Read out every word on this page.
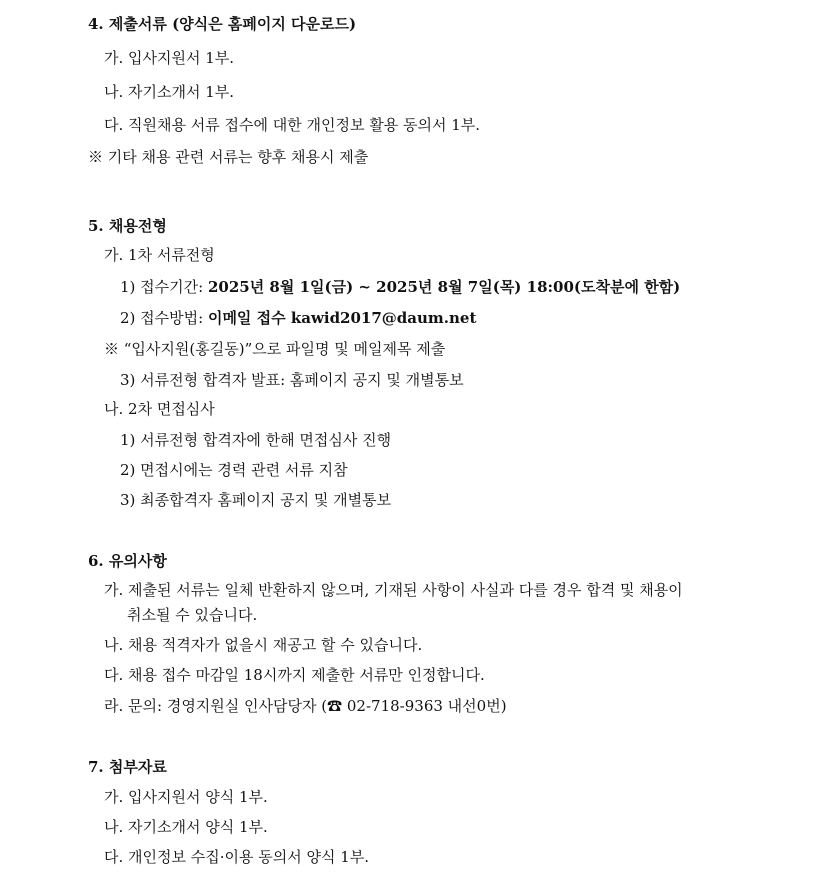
4. 제출서류 (양식은 홈페이지 다운로드)
가. 입사지원서 1부.
나. 자기소개서 1부.
다. 직원채용 서류 접수에 대한 개인정보 활용 동의서 1부.
※ 기타 채용 관련 서류는 향후 채용시 제출
5. 채용전형
가. 1차 서류전형
1) 접수기간: 2025년 8월 1일(금) ~ 2025년 8월 7일(목) 18:00(도착분에 한함)
2) 접수방법: 이메일 접수 kawid2017@daum.net
※ “입사지원(홍길동)”으로 파일명 및 메일제목 제출
3) 서류전형 합격자 발표: 홈페이지 공지 및 개별통보
나. 2차 면접심사
1) 서류전형 합격자에 한해 면접심사 진행
2) 면접시에는 경력 관련 서류 지참
3) 최종합격자 홈페이지 공지 및 개별통보
6. 유의사항
가. 제출된 서류는 일체 반환하지 않으며, 기재된 사항이 사실과 다를 경우 합격 및 채용이
취소될 수 있습니다.
나. 채용 적격자가 없을시 재공고 할 수 있습니다.
다. 채용 접수 마감일 18시까지 제출한 서류만 인정합니다.
라. 문의: 경영지원실 인사담당자 (☎ 02-718-9363 내선0번)
7. 첨부자료
가. 입사지원서 양식 1부.
나. 자기소개서 양식 1부.
다. 개인정보 수집·이용 동의서 양식 1부.
